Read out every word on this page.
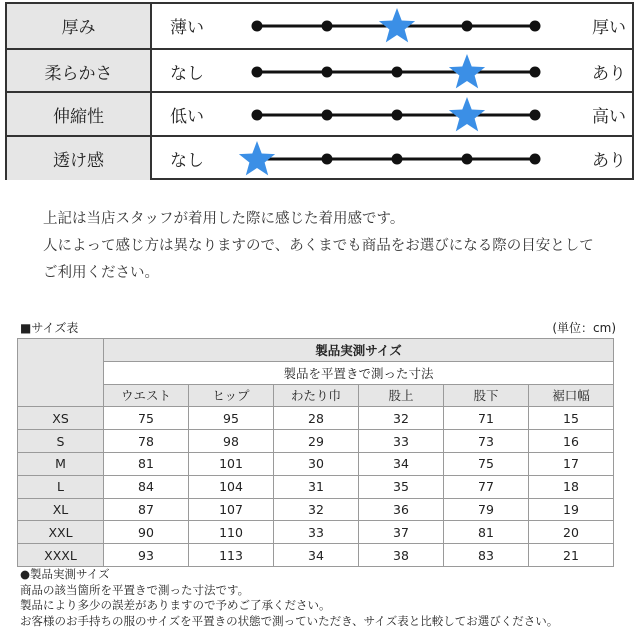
厚み	薄い	厚い
柔らかさ	なし	あり
伸縮性	低い	高い
透け感	なし	あり
上記は当店スタッフが着用した際に感じた着用感です。
人によって感じ方は異なりますので、あくまでも商品をお選びになる際の目安として
ご利用ください。
■サイズ表	(単位：cm)
	製品実測サイズ					
	製品を平置きで測った寸法					
	ウエスト	ヒップ	わたり巾	股上	股下	裾口幅
XS	75	95	28	32	71	15
S	78	98	29	33	73	16
M	81	101	30	34	75	17
L	84	104	31	35	77	18
XL	87	107	32	36	79	19
XXL	90	110	33	37	81	20
XXXL	93	113	34	38	83	21
●製品実測サイズ
商品の該当箇所を平置きで測った寸法です。
製品により多少の誤差がありますので予めご了承ください。
お客様のお手持ちの服のサイズを平置きの状態で測っていただき、サイズ表と比較してお選びください。
